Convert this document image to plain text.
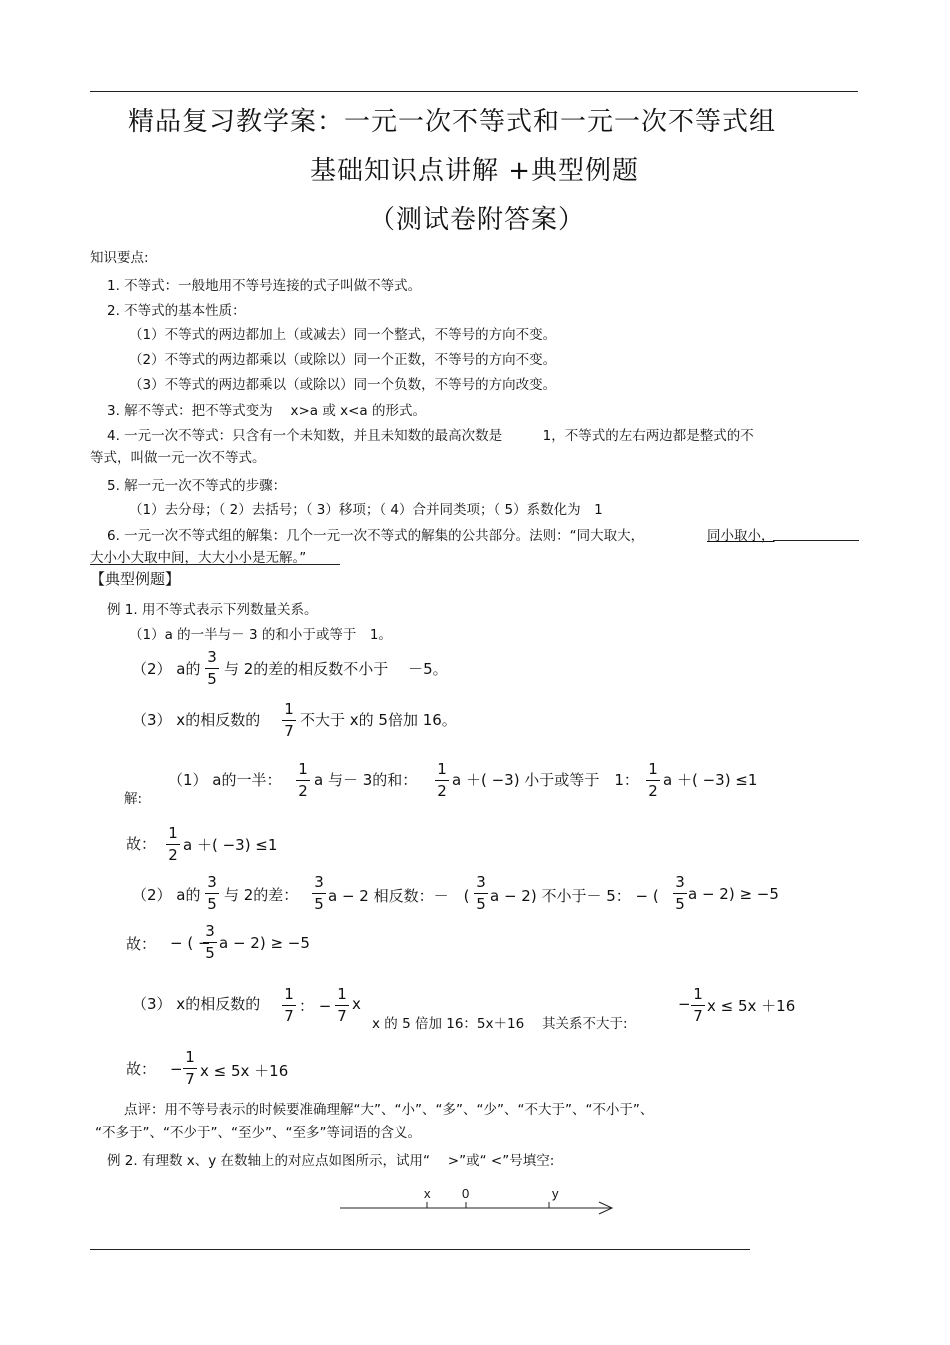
精品复习教学案：一元一次不等式和一元一次不等式组
基础知识点讲解 +典型例题
（测试卷附答案）
知识要点:
1. 不等式：一般地用不等号连接的式子叫做不等式。
2. 不等式的基本性质：
（1）不等式的两边都加上（或减去）同一个整式，不等号的方向不变。
（2）不等式的两边都乘以（或除以）同一个正数，不等号的方向不变。
（3）不等式的两边都乘以（或除以）同一个负数，不等号的方向改变。
3. 解不等式：把不等式变为　 x>a 或 x<a 的形式。
4. 一元一次不等式：只含有一个未知数，并且未知数的最高次数是　　　1，不等式的左右两边都是整式的不
等式，叫做一元一次不等式。
5. 解一元一次不等式的步骤：
（1）去分母；（ 2）去括号；（ 3）移项；（ 4）合并同类项；（ 5）系数化为　1
6. 一元一次不等式组的解集：几个一元一次不等式的解集的公共部分。法则：“同大取大，	同小取小，
大小小大取中间，大大小小是无解。”
【典型例题】
例 1. 用不等式表示下列数量关系。
（1）a 的一半与－ 3 的和小于或等于　1。
（2） a的
3
5
与 2的差的相反数不小于　 －5。
（3） x的相反数的
1
7
不大于 x的 5倍加 16。
解:
（1） a的一半：
1
2
a 与－ 3的和：
1
2
a ＋( −3) 小于或等于　1：
1
2
a ＋( −3) ≤1
故：
1
2
a ＋( −3) ≤1
（2） a的
3
5 与 2的差：
3
5 a − 2 相反数：－　(
3
5 a − 2) 不小于－ 5： − (
3
5
a − 2) ≥ −5
故： − ( −
3
5
a − 2) ≥ −5
（3） x的相反数的
1
7
： −
1
7
x
x 的 5 倍加 16：5x＋16　 其关系不大于:
−
1
7
x ≤ 5x ＋16
故： −
1
7 x ≤ 5x ＋16
点评：用不等号表示的时候要准确理解“大”、“小”、“多”、“少”、“不大于”、“不小于”、
“不多于”、“不少于”、“至少”、“至多”等词语的含义。
例 2. 有理数 x、y 在数轴上的对应点如图所示，试用“　 >”或“ <”号填空:
x 0	y
